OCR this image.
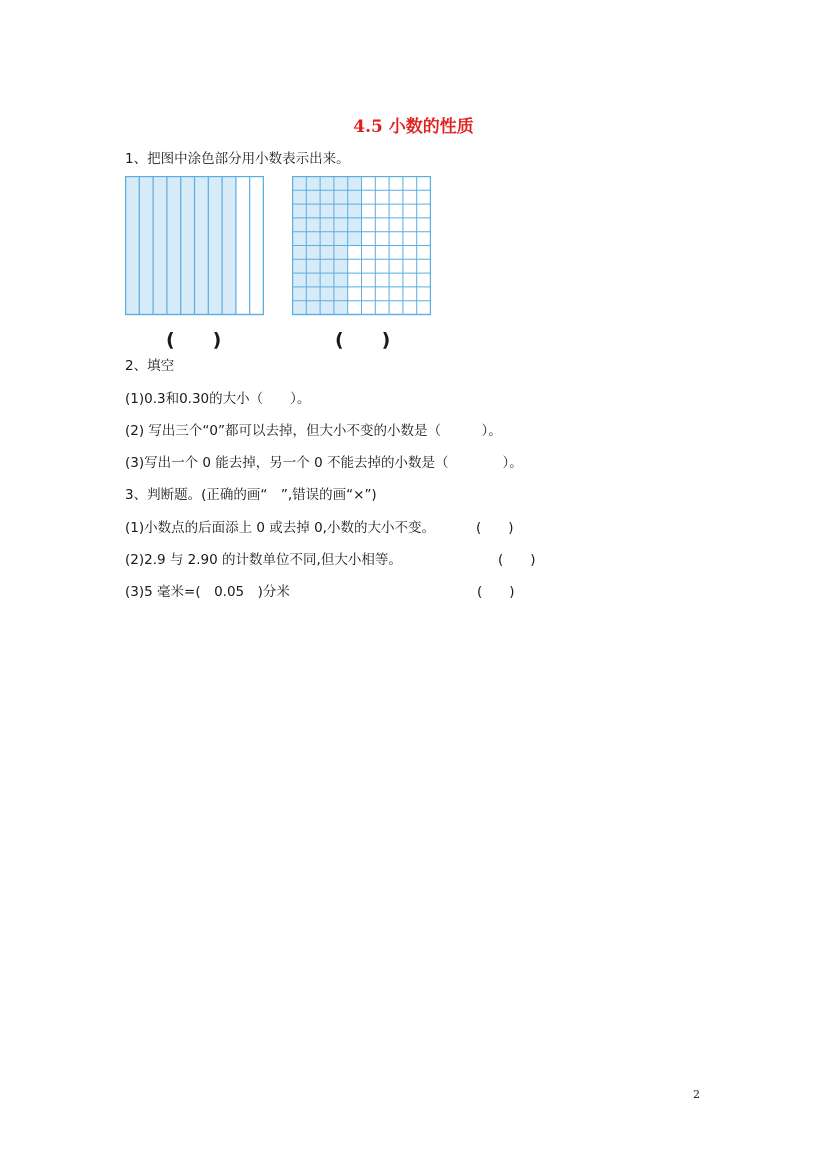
4.5 小数的性质
1、把图中涂色部分用小数表示出来。
(　　)	(　　)
2、填空
(1)0.3和0.30的大小（　　）。
(2) 写出三个“0”都可以去掉，但大小不变的小数是（　　　）。
(3)写出一个 0 能去掉，另一个 0 不能去掉的小数是（　　　　）。
3、判断题。(正确的画“　”,错误的画“×”)
(1)小数点的后面添上 0 或去掉 0,小数的大小不变。	(　　)
(2)2.9 与 2.90 的计数单位不同,但大小相等。	(　　)
(3)5 毫米=(　0.05　)分米	(　　)
2
